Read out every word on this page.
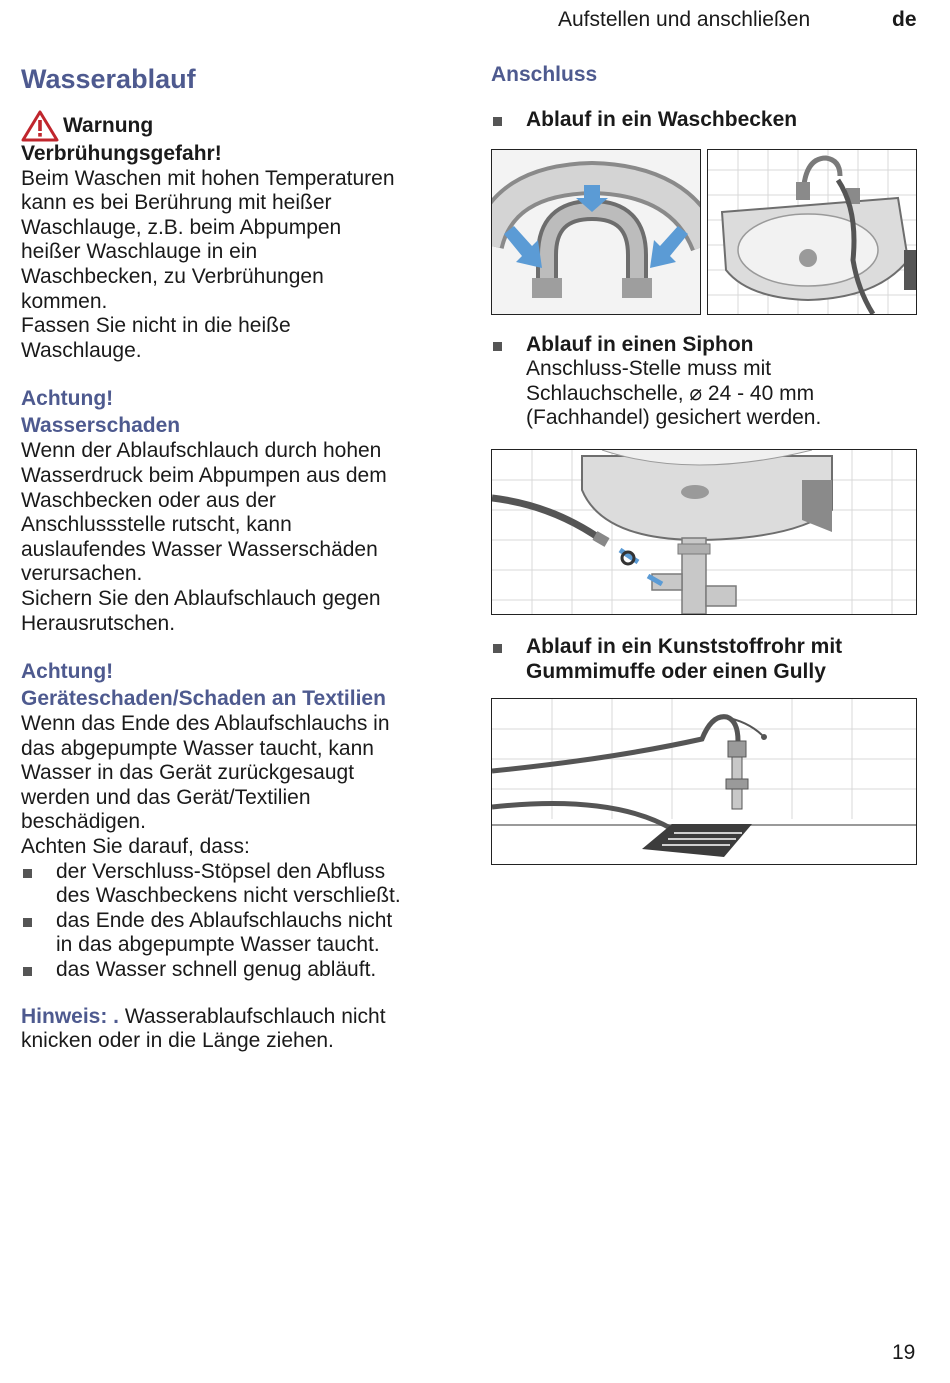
Aufstellen und anschließen	de
Wasserablauf
Warnung

Verbrühungsgefahr!

Beim Waschen mit hohen Temperaturen

kann es bei Berührung mit heißer

Waschlauge, z.B. beim Abpumpen

heißer Waschlauge in ein

Waschbecken, zu Verbrühungen

kommen.

Fassen Sie nicht in die heiße

Waschlauge.

Achtung!
Wasserschaden

Wenn der Ablaufschlauch durch hohen

Wasserdruck beim Abpumpen aus dem

Waschbecken oder aus der

Anschlussstelle rutscht, kann

auslaufendes Wasser Wasserschäden

verursachen.

Sichern Sie den Ablaufschlauch gegen

Herausrutschen.

Achtung!
Geräteschaden/Schaden an Textilien

Wenn das Ende des Ablaufschlauchs in

das abgepumpte Wasser taucht, kann

Wasser in das Gerät zurückgesaugt

werden und das Gerät/Textilien

beschädigen.

Achten Sie darauf, dass:

der Verschluss-Stöpsel den Abfluss
des Waschbeckens nicht verschließt.
das Ende des Ablaufschlauchs nicht
in das abgepumpte Wasser taucht.
das Wasser schnell genug abläuft.
Hinweis: . Wasserablaufschlauch nicht
knicken oder in die Länge ziehen.
Anschluss
Ablauf in ein Waschbecken
Ablauf in einen Siphon
Anschluss-Stelle muss mit
Schlauchschelle, ⌀ 24 - 40 mm
(Fachhandel) gesichert werden.
Ablauf in ein Kunststoffrohr mit
Gummimuffe oder einen Gully
19
